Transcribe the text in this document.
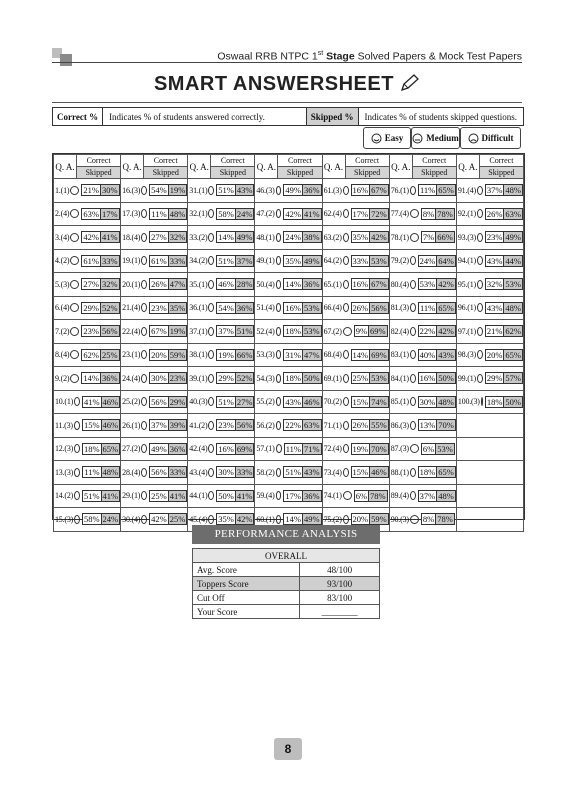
Oswaal RRB NTPC 1st Stage Solved Papers & Mock Test Papers
SMART ANSWERSHEET
Correct %	Indicates % of students answered correctly.	Skipped %	Indicates % of students skipped questions.
Easy	Medium	Difficult
Q. A.	Correct	Q. A.	Correct	Q. A.	Correct	Q. A.	Correct	Q. A.	Correct	Q. A.	Correct	Q. A.	Correct
	Skipped		Skipped		Skipped		Skipped		Skipped		Skipped		Skipped

1. (1) 21% 30%		16. (3) 54% 19%		31. (1) 51% 43%		46. (3) 49% 36%		61. (3) 16% 67%		76. (1) 11% 65%		91. (4) 37% 48%	

2. (4) 63% 17%		17. (3) 11% 48%		32. (1) 58% 24%		47. (2) 42% 41%		62. (4) 17% 72%		77. (4) 8% 78%		92. (1) 26% 63%	

3. (4) 42% 41%		18. (4) 27% 32%		33. (2) 14% 49%		48. (1) 24% 38%		63. (2) 35% 42%		78. (1) 7% 66%		93. (3) 23% 49%	

4. (2) 61% 33%		19. (1) 61% 33%		34. (2) 51% 37%		49. (1) 35% 49%		64. (2) 33% 53%		79. (2) 24% 64%		94. (1) 43% 44%	

5. (3) 27% 32%		20. (1) 26% 47%		35. (1) 46% 28%		50. (4) 14% 36%		65. (1) 16% 67%		80. (4) 53% 42%		95. (1) 32% 53%	

6. (4) 29% 52%		21. (4) 23% 35%		36. (1) 54% 36%		51. (4) 16% 53%		66. (4) 26% 56%		81. (3) 11% 65%		96. (1) 43% 48%	

7. (2) 23% 56%		22. (4) 67% 19%		37. (1) 37% 51%		52. (4) 18% 53%		67. (2) 9% 69%		82. (4) 22% 42%		97. (1) 21% 62%	

8. (4) 62% 25%		23. (1) 20% 59%		38. (1) 19% 66%		53. (3) 31% 47%		68. (4) 14% 69%		83. (1) 40% 43%		98. (3) 20% 65%	

9. (2) 14% 36%		24. (4) 30% 23%		39. (1) 29% 52%		54. (3) 18% 50%		69. (1) 25% 53%		84. (1) 16% 50%		99. (1) 29% 57%	

10. (1) 41% 46%		25. (2) 56% 29%		40. (3) 51% 27%		55. (2) 43% 46%		70. (2) 15% 74%		85. (1) 30% 48%		100. (3) 18% 50%	

11. (3) 15% 46%		26. (1) 37% 39%		41. (2) 23% 56%		56. (2) 22% 63%		71. (1) 26% 55%		86. (3) 13% 70%			

12. (3) 18% 65%		27. (2) 49% 36%		42. (4) 16% 69%		57. (1) 11% 71%		72. (4) 19% 70%		87. (3) 6% 53%			

13. (3) 11% 48%		28. (4) 56% 33%		43. (4) 30% 33%		58. (2) 51% 43%		73. (4) 15% 46%		88. (1) 18% 65%			

14. (2) 51% 41%		29. (1) 25% 41%		44. (1) 50% 41%		59. (4) 17% 36%		74. (1) 6% 78%		89. (4) 37% 48%			

15. (3) 58% 24%		30. (4) 42% 25%		45. (4) 35% 42%		60. (1) 14% 49%		75. (2) 20% 59%		90. (3) 8% 78%			

PERFORMANCE ANALYSIS
OVERALL	
Avg. Score	48/100
Toppers Score	93/100
Cut Off	83/100
Your Score	________
8
